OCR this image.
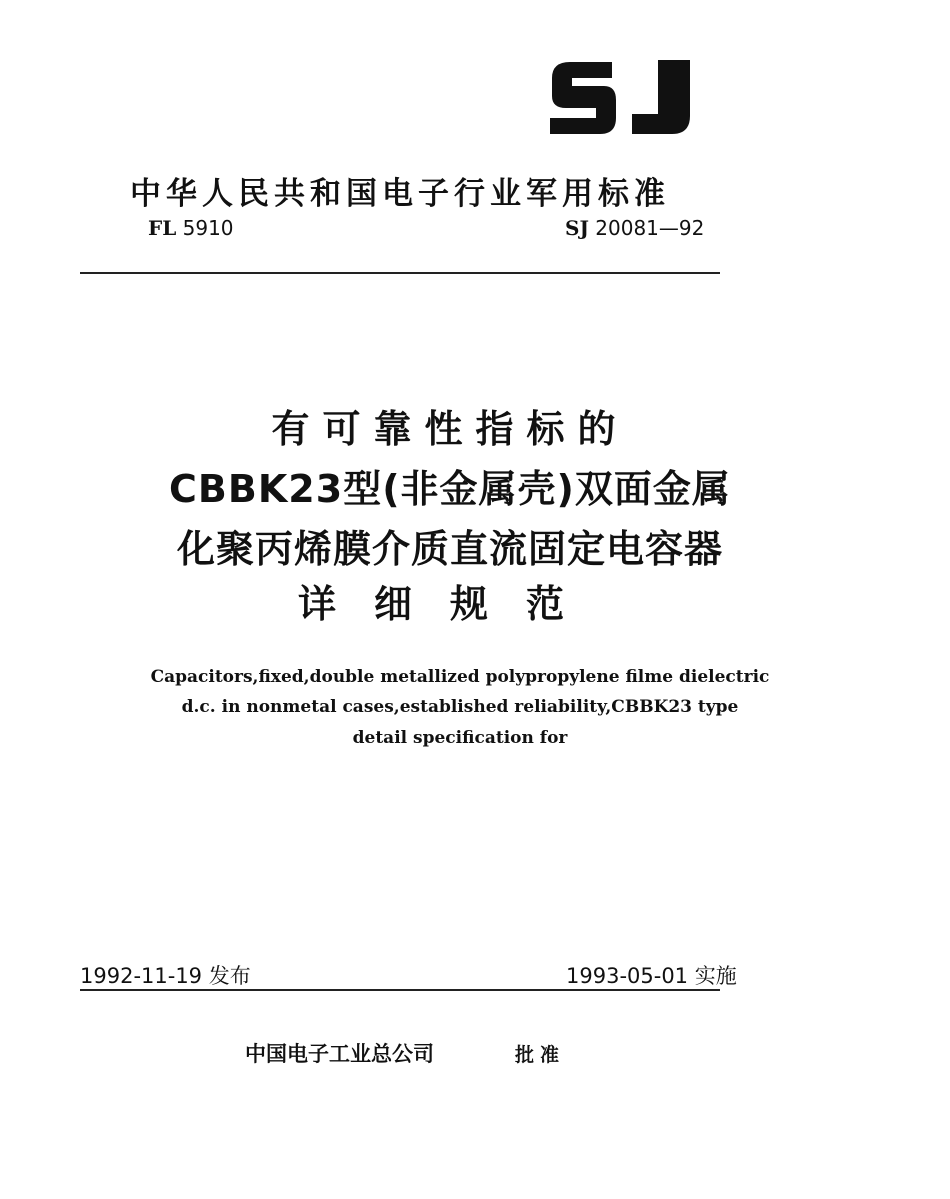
中华人民共和国电子行业军用标准
FL 5910	SJ 20081—92
有可靠性指标的
CBBK23型(非金属壳)双面金属
化聚丙烯膜介质直流固定电容器
详细规范
Capacitors,fixed,double metallized polypropylene filme dielectric
d.c. in nonmetal cases,established reliability,CBBK23 type
detail specification for
1992-11-19 发布	1993-05-01 实施
中国电子工业总公司	批准
